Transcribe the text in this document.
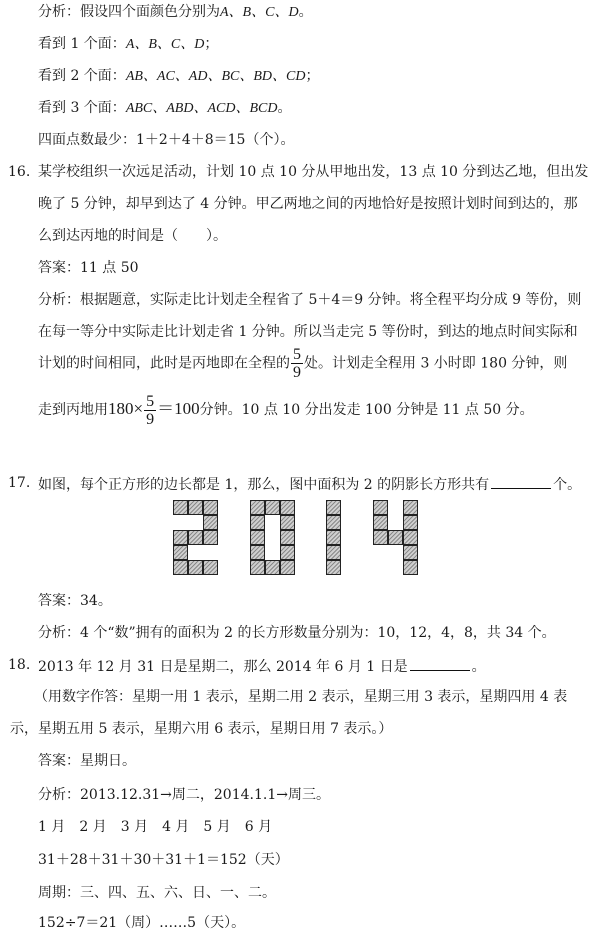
分析：假设四个面颜色分别为A、B、C、D。
看到 1 个面：A、B、C、D；
看到 2 个面：AB、AC、AD、BC、BD、CD；
看到 3 个面：ABC、ABD、ACD、BCD。
四面点数最少：1＋2＋4＋8＝15（个）。
16. 某学校组织一次远足活动，计划 10 点 10 分从甲地出发，13 点 10 分到达乙地，但出发
晚了 5 分钟，却早到达了 4 分钟。甲乙两地之间的丙地恰好是按照计划时间到达的，那
么到达丙地的时间是（　　）。
答案：11 点 50
分析：根据题意，实际走比计划走全程省了 5＋4＝9 分钟。将全程平均分成 9 等份，则
在每一等分中实际走比计划走省 1 分钟。所以当走完 5 等份时，到达的地点时间实际和
计划的时间相同，此时是丙地即在全程的 $\frac{5}{9}$ 处。计划走全程用 3 小时即 180 分钟，则
走到丙地用$180\times \frac{5}{9} =100$分钟。10 点 10 分出发走 100 分钟是 11 点 50 分。
17. 如图，每个正方形的边长都是 1，那么，图中面积为 2 的阴影长方形共有	个。
答案：34。
分析：4 个“数”拥有的面积为 2 的长方形数量分别为：10，12，4，8，共 34 个。
18. 2013 年 12 月 31 日是星期二，那么 2014 年 6 月 1 日是	。
（用数字作答：星期一用 1 表示，星期二用 2 表示，星期三用 3 表示，星期四用 4 表
示，星期五用 5 表示，星期六用 6 表示，星期日用 7 表示。）
答案：星期日。
分析：2013.12.31→周二，2014.1.1→周三。
1 月　2 月　3 月　4 月　5 月　6 月
31＋28＋31＋30＋31＋1＝152（天）
周期：三、四、五、六、日、一、二。
152÷7＝21（周）……5（天）。
